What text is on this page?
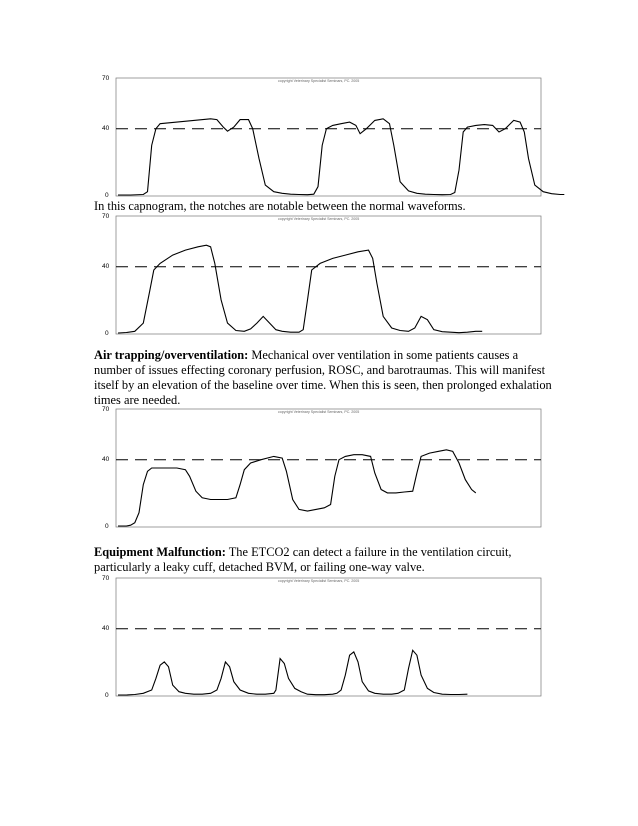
70
40
0
copyright Veterinary Specialist Seminars, PC. 2005

In this capnogram, the notches are notable between the normal waveforms.

70
40
0
copyright Veterinary Specialist Seminars, PC. 2005

Air trapping/overventilation: Mechanical over ventilation in some patients causes a number of issues effecting coronary perfusion, ROSC, and barotraumas. This will manifest itself by an elevation of the baseline over time. When this is seen, then prolonged exhalation times are needed.

70
40
0
copyright Veterinary Specialist Seminars, PC. 2005

Equipment Malfunction: The ETCO2 can detect a failure in the ventilation circuit, particularly a leaky cuff, detached BVM, or failing one-way valve.

70
40
0
copyright Veterinary Specialist Seminars, PC. 2005
